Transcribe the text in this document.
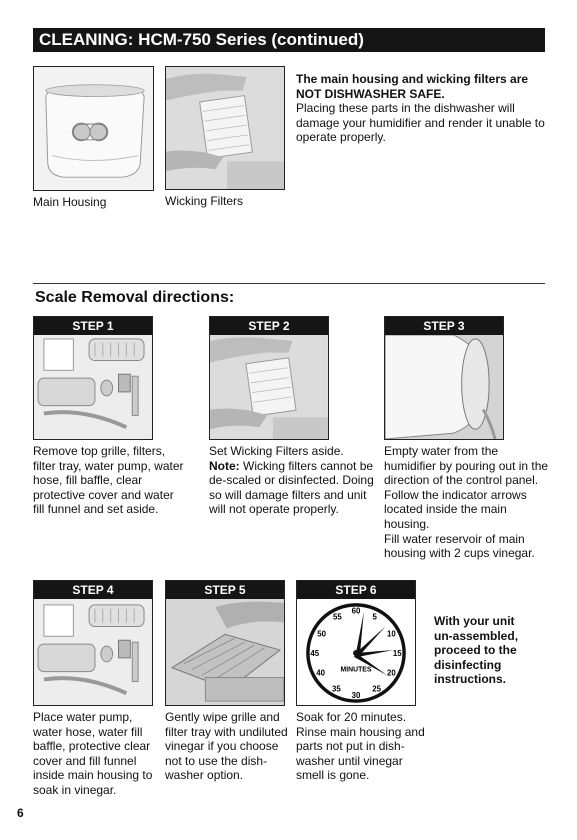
CLEANING: HCM-750 Series (continued)
Main Housing	Wicking Filters
The main housing and wicking filters are
NOT DISHWASHER SAFE.
Placing these parts in the dishwasher will
damage your humidifier and render it unable to
operate properly.
Scale Removal directions:
STEP 1
Remove top grille, filters,
filter tray, water pump, water
hose, fill baffle, clear
protective cover and water
fill funnel and set aside.
STEP 2
Set Wicking Filters aside.
Note: Wicking filters cannot be
de-scaled or disinfected. Doing
so will damage filters and unit
will not operate properly.
STEP 3
Empty water from the
humidifier by pouring out in the
direction of the control panel.
Follow the indicator arrows
located inside the main housing.
Fill water reservoir of main
housing with 2 cups vinegar.
STEP 4
Place water pump,
water hose, water fill
baffle, protective clear
cover and fill funnel
inside main housing to
soak in vinegar.
STEP 5
Gently wipe grille and
filter tray with undiluted
vinegar if you choose
not to use the dish-
washer option.
STEP 6
60
5
10
15
20
25
30
35
40
45
50
55
MINUTES
Soak for 20 minutes.
Rinse main housing and
parts not put in dish-
washer until vinegar
smell is gone.
With your unit
un-assembled,
proceed to the
disinfecting
instructions.
6
